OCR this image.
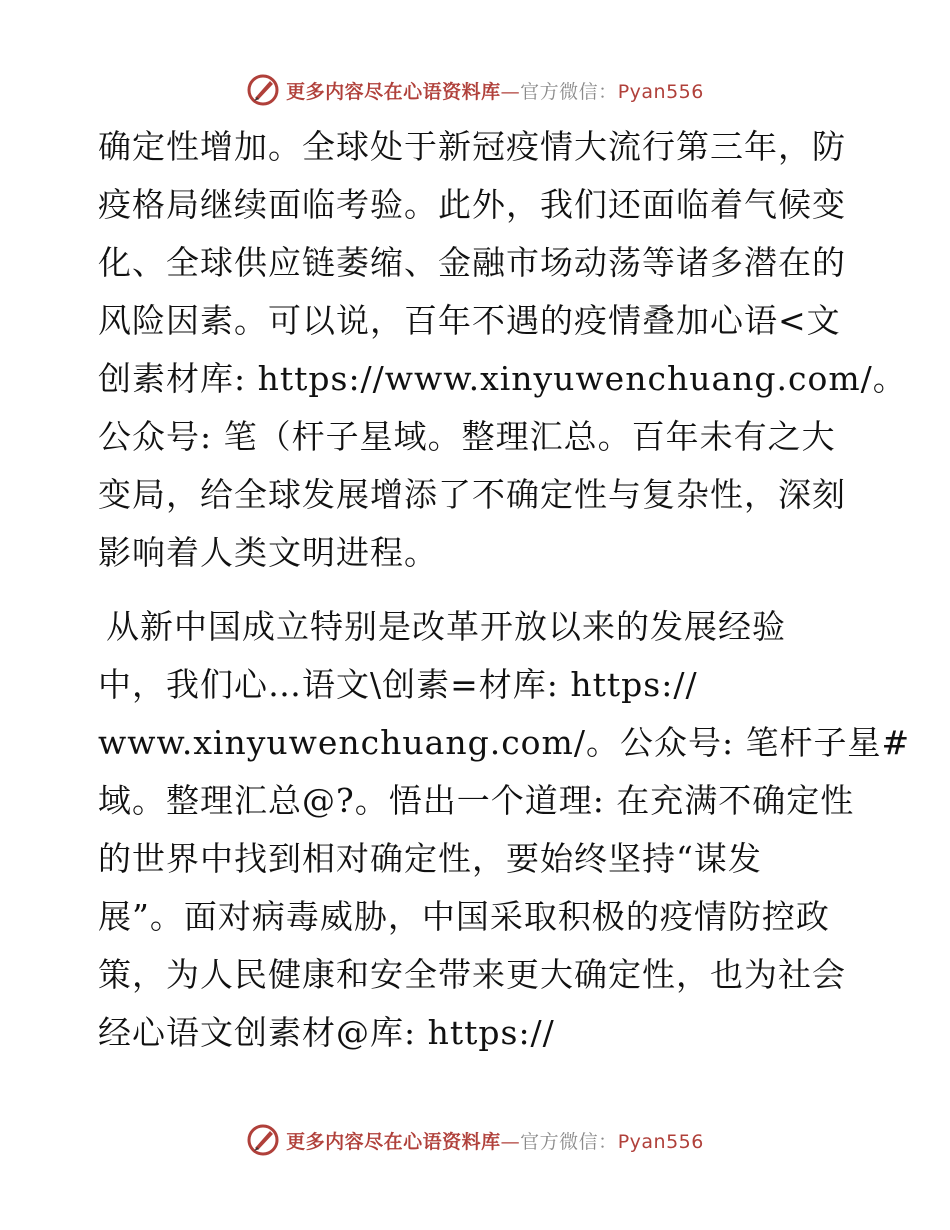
更多内容尽在心语资料库—官方微信：Pyan556

确定性增加。全球处于新冠疫情大流行第三年，防
疫格局继续面临考验。此外，我们还面临着气候变
化、全球供应链萎缩、金融市场动荡等诸多潜在的
风险因素。可以说，百年不遇的疫情叠加心语<文
创素材库: https://www.xinyuwenchuang.com/。
公众号: 笔（杆子星域。整理汇总。百年未有之大
变局，给全球发展增添了不确定性与复杂性，深刻
影响着人类文明进程。

从新中国成立特别是改革开放以来的发展经验
中，我们心…语文\创素=材库: https://
www.xinyuwenchuang.com/。公众号: 笔杆子星#
域。整理汇总@?。悟出一个道理: 在充满不确定性
的世界中找到相对确定性，要始终坚持“谋发
展”。面对病毒威胁，中国采取积极的疫情防控政
策，为人民健康和安全带来更大确定性，也为社会
经心语文创素材@库: https://

更多内容尽在心语资料库—官方微信：Pyan556
